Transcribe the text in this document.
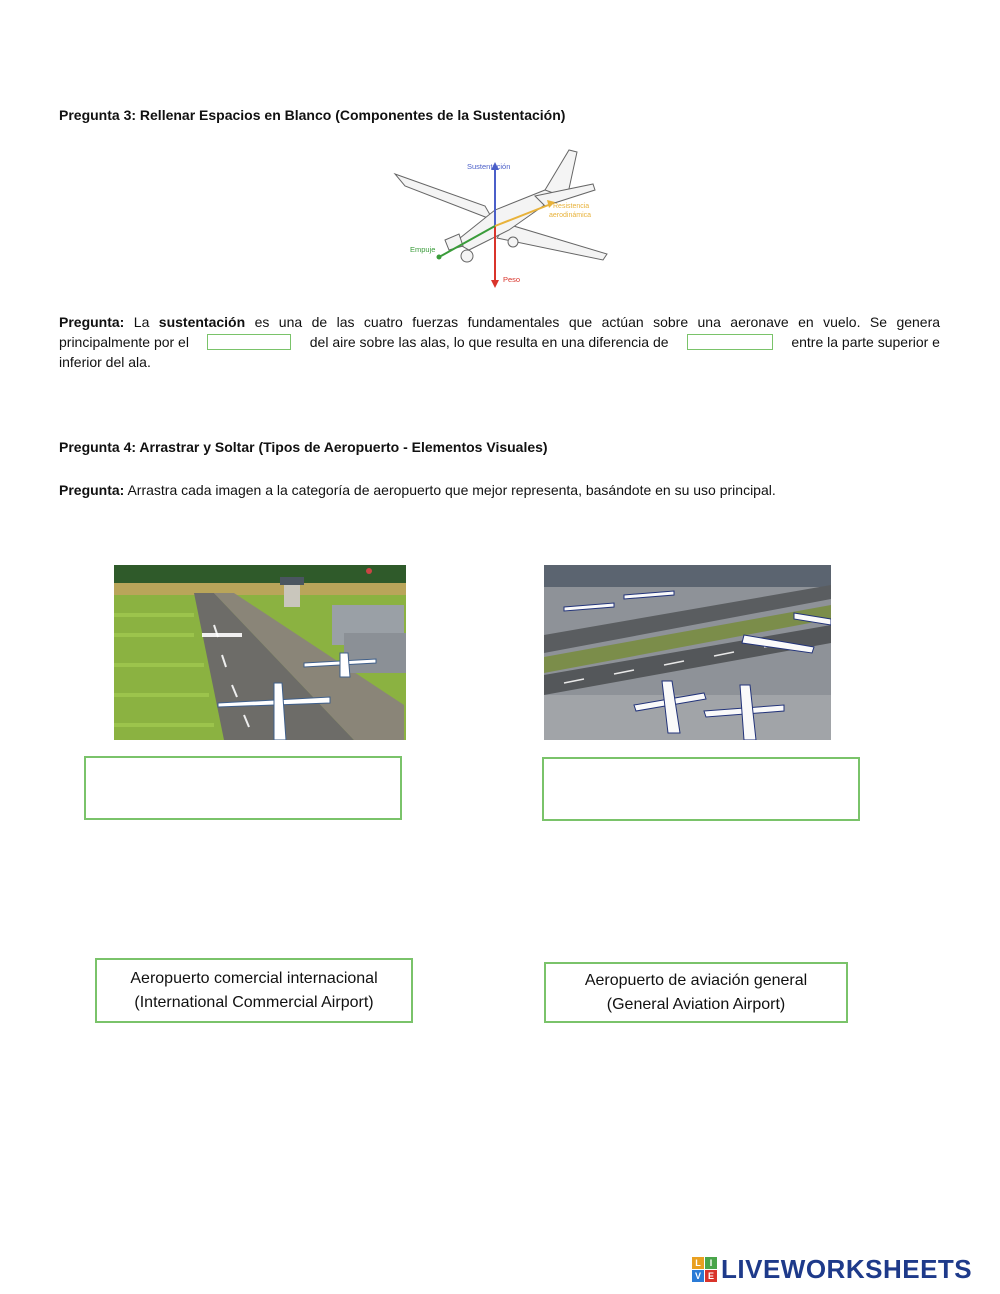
Pregunta 3: Rellenar Espacios en Blanco (Componentes de la Sustentación)
Sustentación
Resistencia
aerodinámica
Empuje
Peso
Pregunta: La sustentación es una de las cuatro fuerzas fundamentales que actúan sobre una aeronave en vuelo. Se genera
principalmente por el	del aire sobre las alas, lo que resulta en una diferencia de	entre la parte superior e
inferior del ala.
Pregunta 4: Arrastrar y Soltar (Tipos de Aeropuerto - Elementos Visuales)
Pregunta: Arrastra cada imagen a la categoría de aeropuerto que mejor representa, basándote en su uso principal.
Aeropuerto comercial internacional
(International Commercial Airport)
Aeropuerto de aviación general
(General Aviation Airport)
L I
V E LIVEWORKSHEETS
